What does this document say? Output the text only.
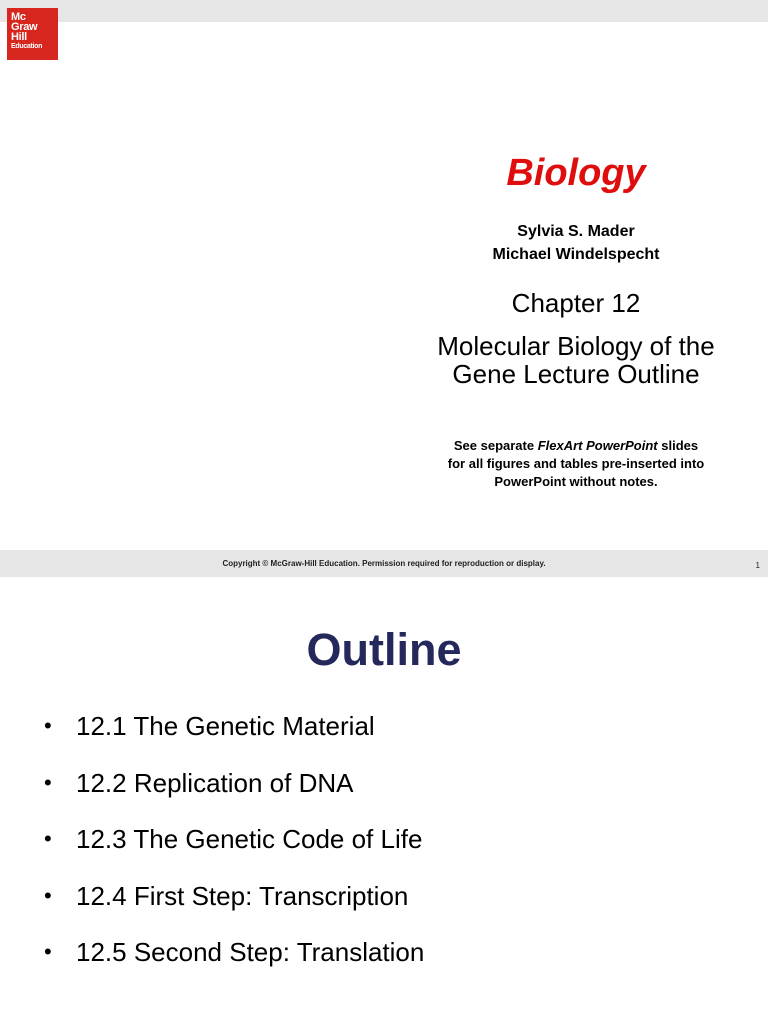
Mc
Graw
Hill
Education
Biology
Sylvia S. Mader
Michael Windelspecht
Chapter 12
Molecular Biology of the
Gene Lecture Outline
See separate FlexArt PowerPoint slides
for all figures and tables pre-inserted into
PowerPoint without notes.
Copyright © McGraw-Hill Education. Permission required for reproduction or display.	1
Outline
• 12.1 The Genetic Material
• 12.2 Replication of DNA
• 12.3 The Genetic Code of Life
• 12.4 First Step: Transcription
• 12.5 Second Step: Translation
